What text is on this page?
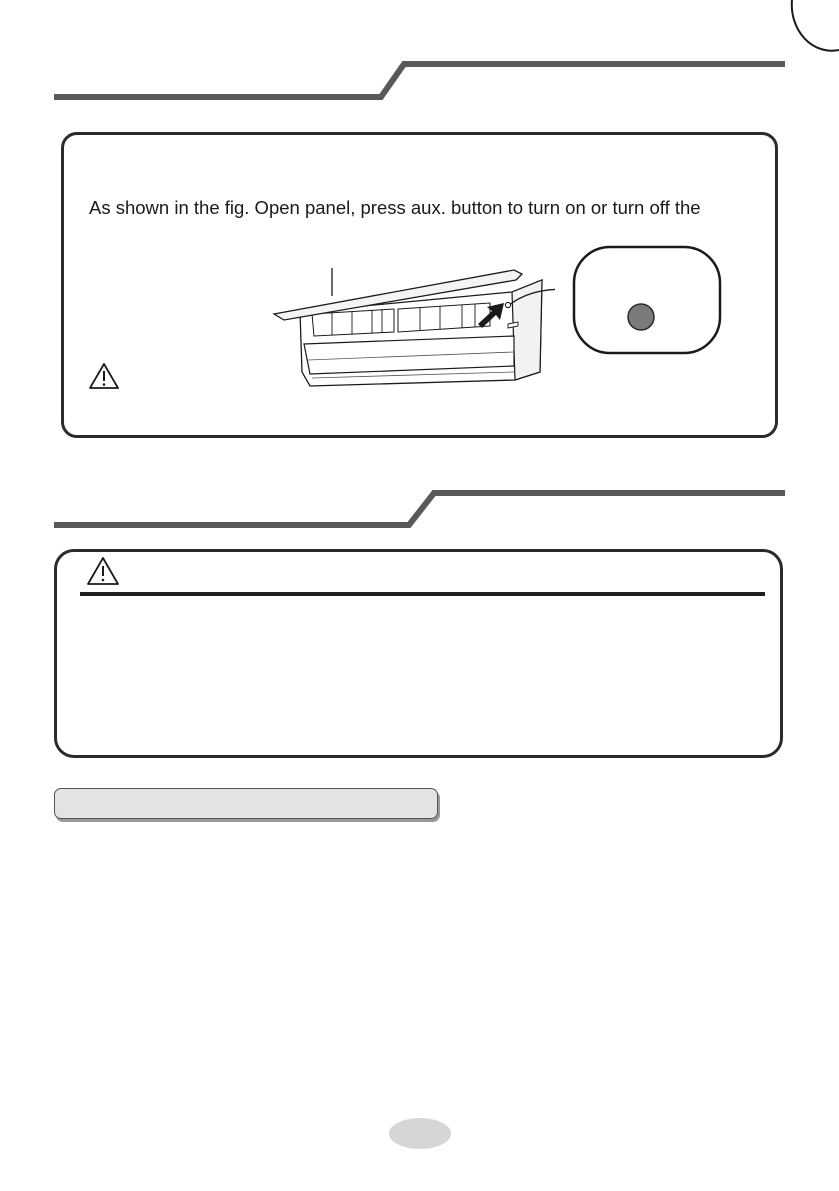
As shown in the fig. Open panel, press aux. button to turn on or turn off the
